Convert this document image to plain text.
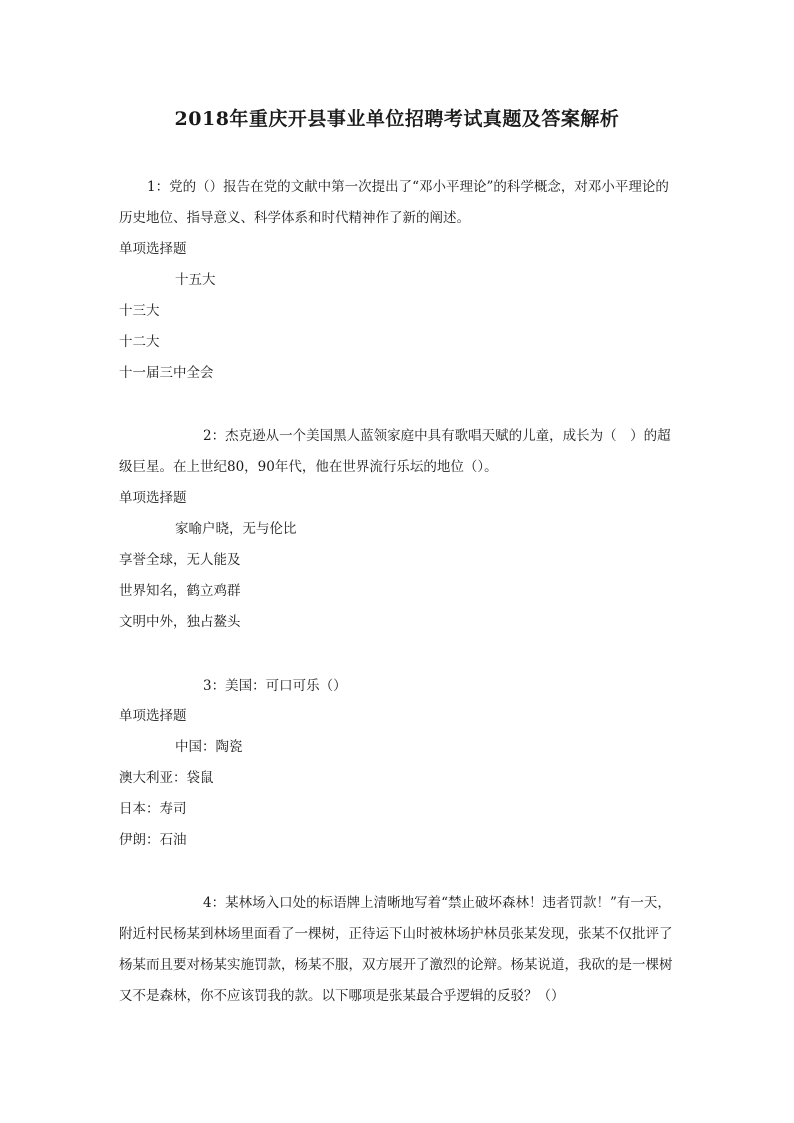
2018年重庆开县事业单位招聘考试真题及答案解析

1：党的（）报告在党的文献中第一次提出了“邓小平理论”的科学概念，对邓小平理论的历史地位、指导意义、科学体系和时代精神作了新的阐述。

单项选择题
十五大
十三大
十二大
十一届三中全会

2：杰克逊从一个美国黑人蓝领家庭中具有歌唱天赋的儿童，成长为（　）的超级巨星。在上世纪80，90年代，他在世界流行乐坛的地位（）。

单项选择题
家喻户晓，无与伦比
享誉全球，无人能及
世界知名，鹤立鸡群
文明中外，独占鳌头

3：美国：可口可乐（）

单项选择题
中国：陶瓷
澳大利亚：袋鼠
日本：寿司
伊朗：石油

4：某林场入口处的标语牌上清晰地写着“禁止破坏森林！违者罚款！”有一天，附近村民杨某到林场里面看了一棵树，正待运下山时被林场护林员张某发现，张某不仅批评了杨某而且要对杨某实施罚款，杨某不服，双方展开了激烈的论辩。杨某说道，我砍的是一棵树又不是森林，你不应该罚我的款。以下哪项是张某最合乎逻辑的反驳？（）
